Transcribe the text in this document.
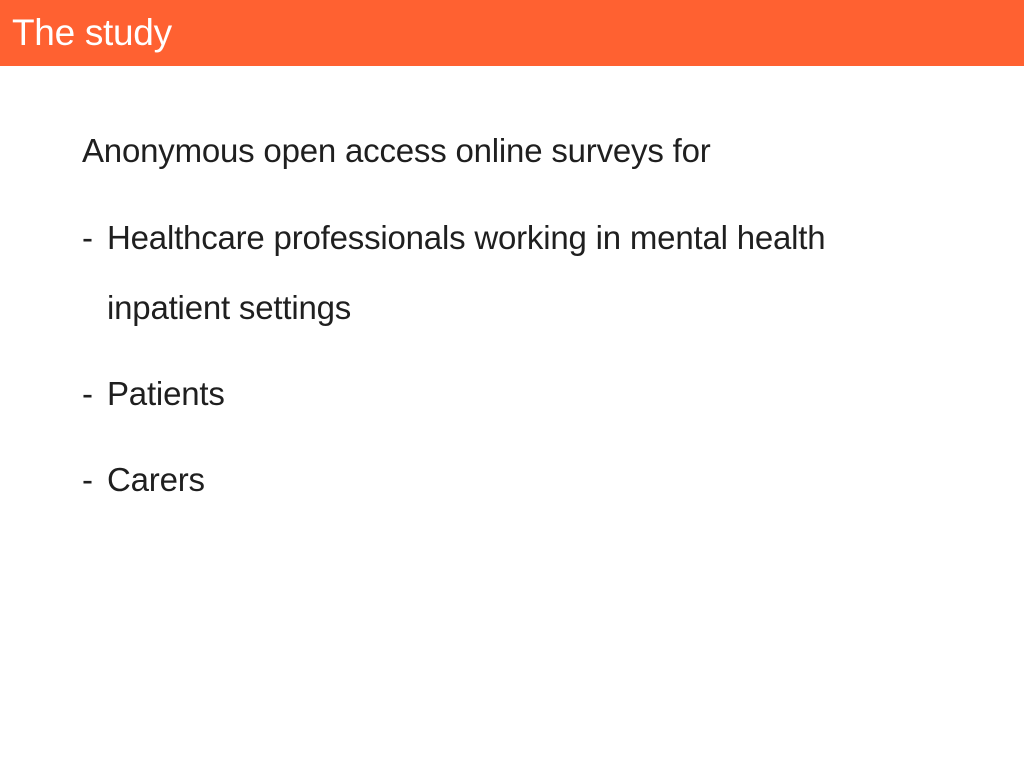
The study

Anonymous open access online surveys for

- Healthcare professionals working in mental health inpatient settings
- Patients
- Carers
